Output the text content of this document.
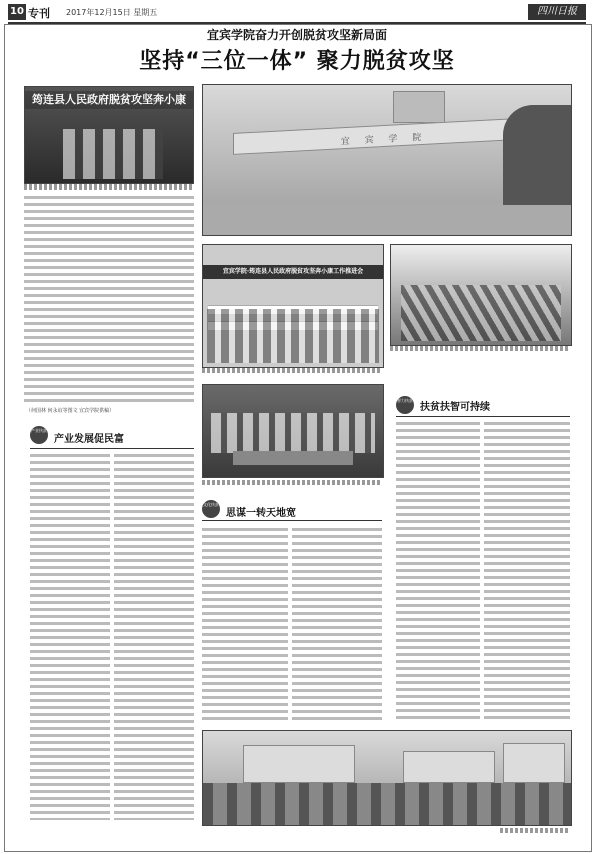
10 专刊 2017年12月15日 星期五	四川日报
宜宾学院奋力开创脱贫攻坚新局面
坚持“三位一体” 聚力脱贫攻坚
筠连县人民政府脱贫攻坚奔小康
宜 宾 学 院
（何国林 何永谊等图文 宜宾学院供稿）
宜宾学院·筠连县人民政府脱贫攻坚奔小康工作推进会
智力扶贫
扶贫扶智可持续
产业扶贫
产业发展促民富
文化扶贫
思谋一转天地宽
